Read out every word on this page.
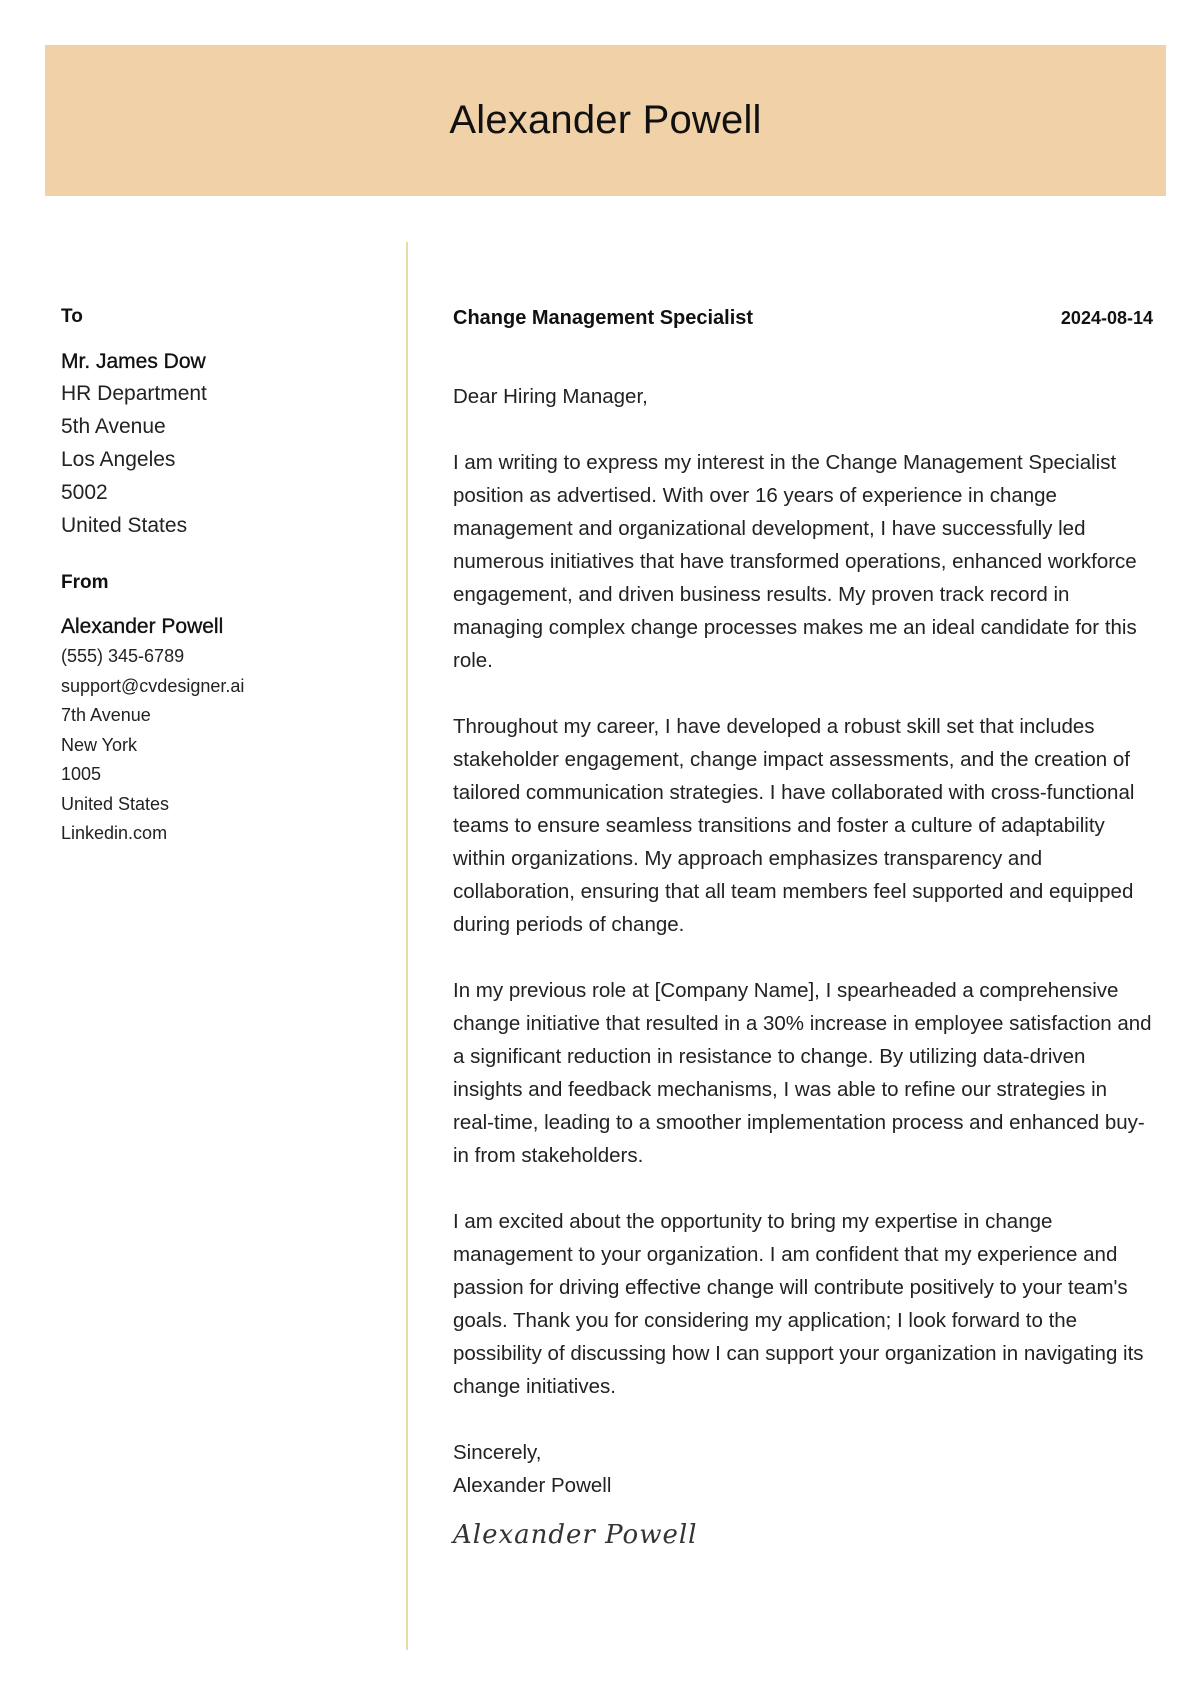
Alexander Powell
To
Mr. James Dow
HR Department
5th Avenue
Los Angeles
5002
United States
From
Alexander Powell
(555) 345-6789
support@cvdesigner.ai
7th Avenue
New York
1005
United States
Linkedin.com
Change Management Specialist	2024-08-14

Dear Hiring Manager,

I am writing to express my interest in the Change Management Specialist position as advertised. With over 16 years of experience in change management and organizational development, I have successfully led numerous initiatives that have transformed operations, enhanced workforce engagement, and driven business results. My proven track record in managing complex change processes makes me an ideal candidate for this role.

Throughout my career, I have developed a robust skill set that includes stakeholder engagement, change impact assessments, and the creation of tailored communication strategies. I have collaborated with cross-functional teams to ensure seamless transitions and foster a culture of adaptability within organizations. My approach emphasizes transparency and collaboration, ensuring that all team members feel supported and equipped during periods of change.

In my previous role at [Company Name], I spearheaded a comprehensive change initiative that resulted in a 30% increase in employee satisfaction and a significant reduction in resistance to change. By utilizing data-driven insights and feedback mechanisms, I was able to refine our strategies in real-time, leading to a smoother implementation process and enhanced buy-in from stakeholders.

I am excited about the opportunity to bring my expertise in change management to your organization. I am confident that my experience and passion for driving effective change will contribute positively to your team's goals. Thank you for considering my application; I look forward to the possibility of discussing how I can support your organization in navigating its change initiatives.

Sincerely,

Alexander Powell

Alexander Powell
